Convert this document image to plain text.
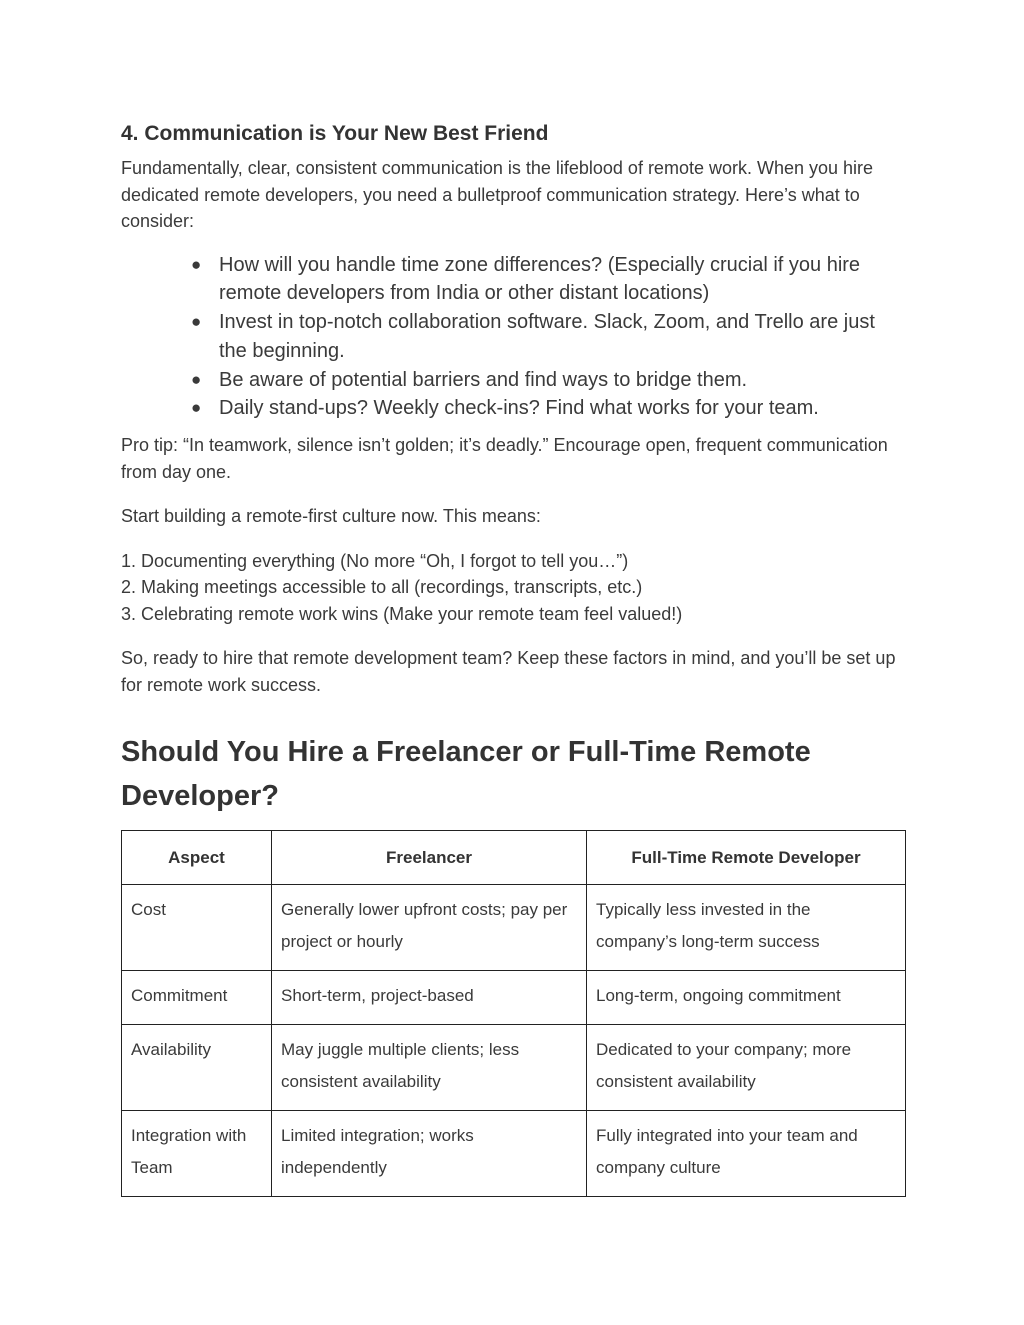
4. Communication is Your New Best Friend

Fundamentally, clear, consistent communication is the lifeblood of remote work. When you hire dedicated remote developers, you need a bulletproof communication strategy. Here’s what to consider:

● How will you handle time zone differences? (Especially crucial if you hire remote developers from India or other distant locations)
● Invest in top-notch collaboration software. Slack, Zoom, and Trello are just the beginning.
● Be aware of potential barriers and find ways to bridge them.
● Daily stand-ups? Weekly check-ins? Find what works for your team.

Pro tip: “In teamwork, silence isn’t golden; it’s deadly.” Encourage open, frequent communication from day one.

Start building a remote-first culture now. This means:

1. Documenting everything (No more “Oh, I forgot to tell you…”)
2. Making meetings accessible to all (recordings, transcripts, etc.)
3. Celebrating remote work wins (Make your remote team feel valued!)

So, ready to hire that remote development team? Keep these factors in mind, and you’ll be set up for remote work success.

Should You Hire a Freelancer or Full-Time Remote Developer?
Aspect	Freelancer	Full-Time Remote Developer
Cost	Generally lower upfront costs; pay per project or hourly	Typically less invested in the company’s long-term success
Commitment	Short-term, project-based	Long-term, ongoing commitment
Availability	May juggle multiple clients; less consistent availability	Dedicated to your company; more consistent availability
Integration with Team	Limited integration; works independently	Fully integrated into your team and company culture
